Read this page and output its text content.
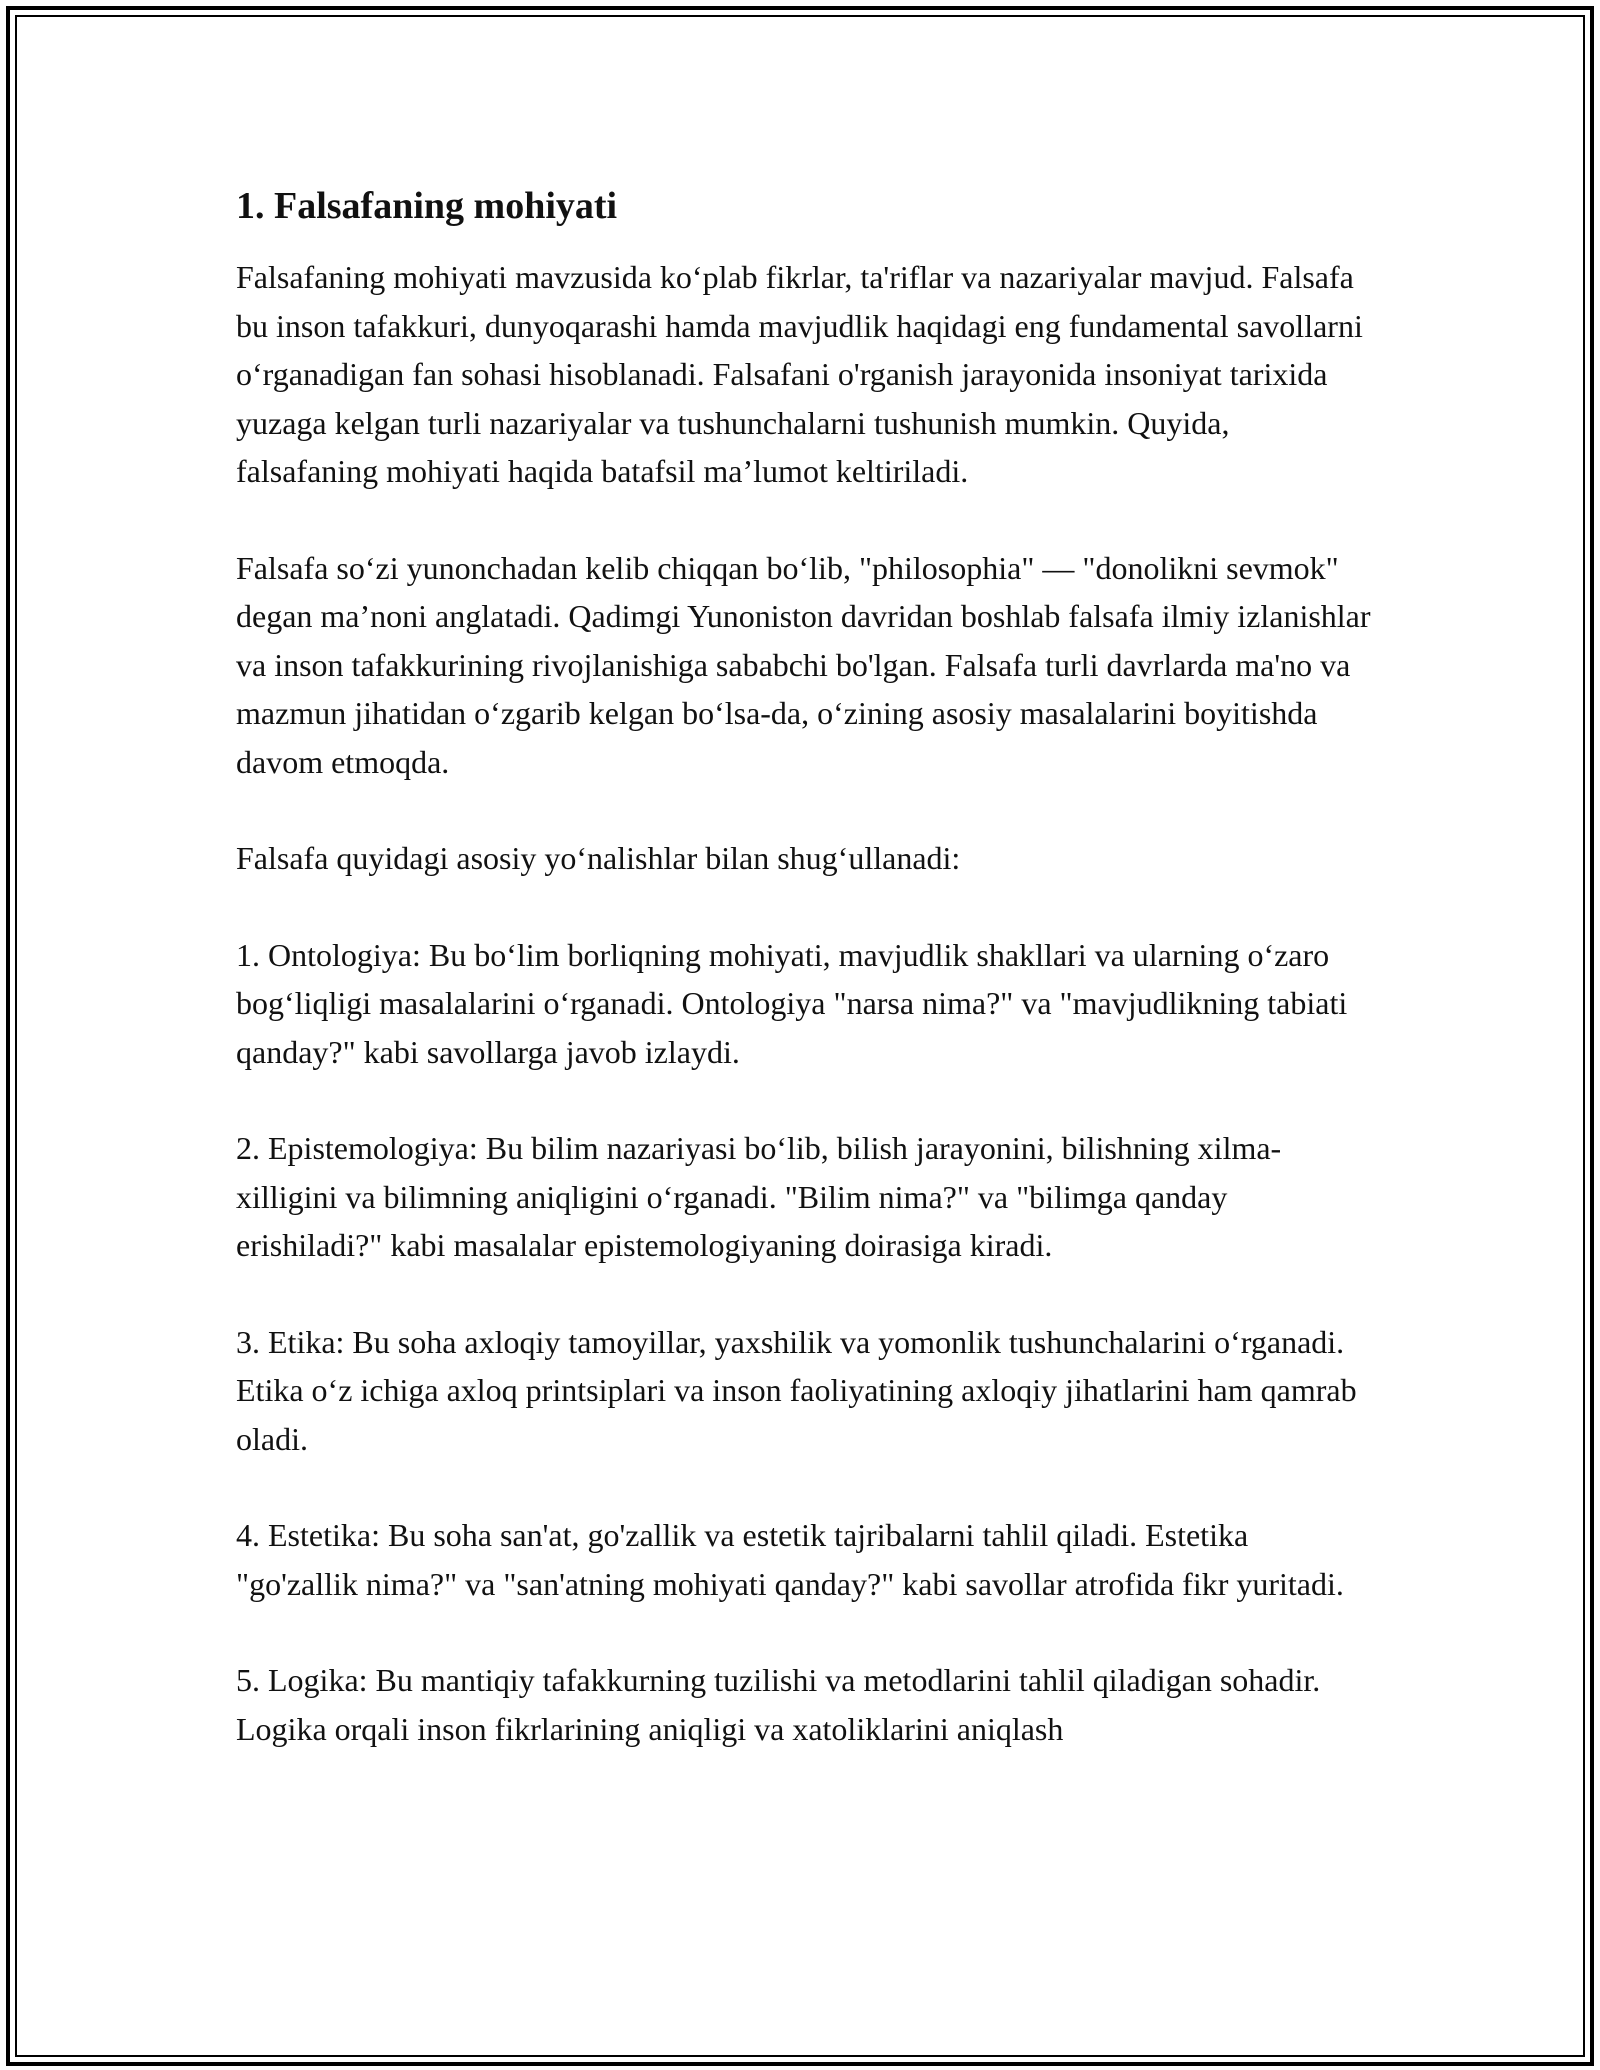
1. Falsafaning mohiyati

Falsafaning mohiyati mavzusida koʻplab fikrlar, ta'riflar va nazariyalar mavjud. Falsafa bu inson tafakkuri, dunyoqarashi hamda mavjudlik haqidagi eng fundamental savollarni oʻrganadigan fan sohasi hisoblanadi. Falsafani o'rganish jarayonida insoniyat tarixida yuzaga kelgan turli nazariyalar va tushunchalarni tushunish mumkin. Quyida, falsafaning mohiyati haqida batafsil maʼlumot keltiriladi.

Falsafa soʻzi yunonchadan kelib chiqqan boʻlib, "philosophia" — "donolikni sevmok" degan maʼnoni anglatadi. Qadimgi Yunoniston davridan boshlab falsafa ilmiy izlanishlar va inson tafakkurining rivojlanishiga sababchi bo'lgan. Falsafa turli davrlarda ma'no va mazmun jihatidan oʻzgarib kelgan boʻlsa-da, oʻzining asosiy masalalarini boyitishda davom etmoqda.

Falsafa quyidagi asosiy yoʻnalishlar bilan shugʻullanadi:

1. Ontologiya: Bu boʻlim borliqning mohiyati, mavjudlik shakllari va ularning oʻzaro bogʻliqligi masalalarini oʻrganadi. Ontologiya "narsa nima?" va "mavjudlikning tabiati qanday?" kabi savollarga javob izlaydi.

2. Epistemologiya: Bu bilim nazariyasi boʻlib, bilish jarayonini, bilishning xilma-xilligini va bilimning aniqligini oʻrganadi. "Bilim nima?" va "bilimga qanday erishiladi?" kabi masalalar epistemologiyaning doirasiga kiradi.

3. Etika: Bu soha axloqiy tamoyillar, yaxshilik va yomonlik tushunchalarini oʻrganadi. Etika oʻz ichiga axloq printsiplari va inson faoliyatining axloqiy jihatlarini ham qamrab oladi.

4. Estetika: Bu soha san'at, go'zallik va estetik tajribalarni tahlil qiladi. Estetika "go'zallik nima?" va "san'atning mohiyati qanday?" kabi savollar atrofida fikr yuritadi.

5. Logika: Bu mantiqiy tafakkurning tuzilishi va metodlarini tahlil qiladigan sohadir. Logika orqali inson fikrlarining aniqligi va xatoliklarini aniqlash
